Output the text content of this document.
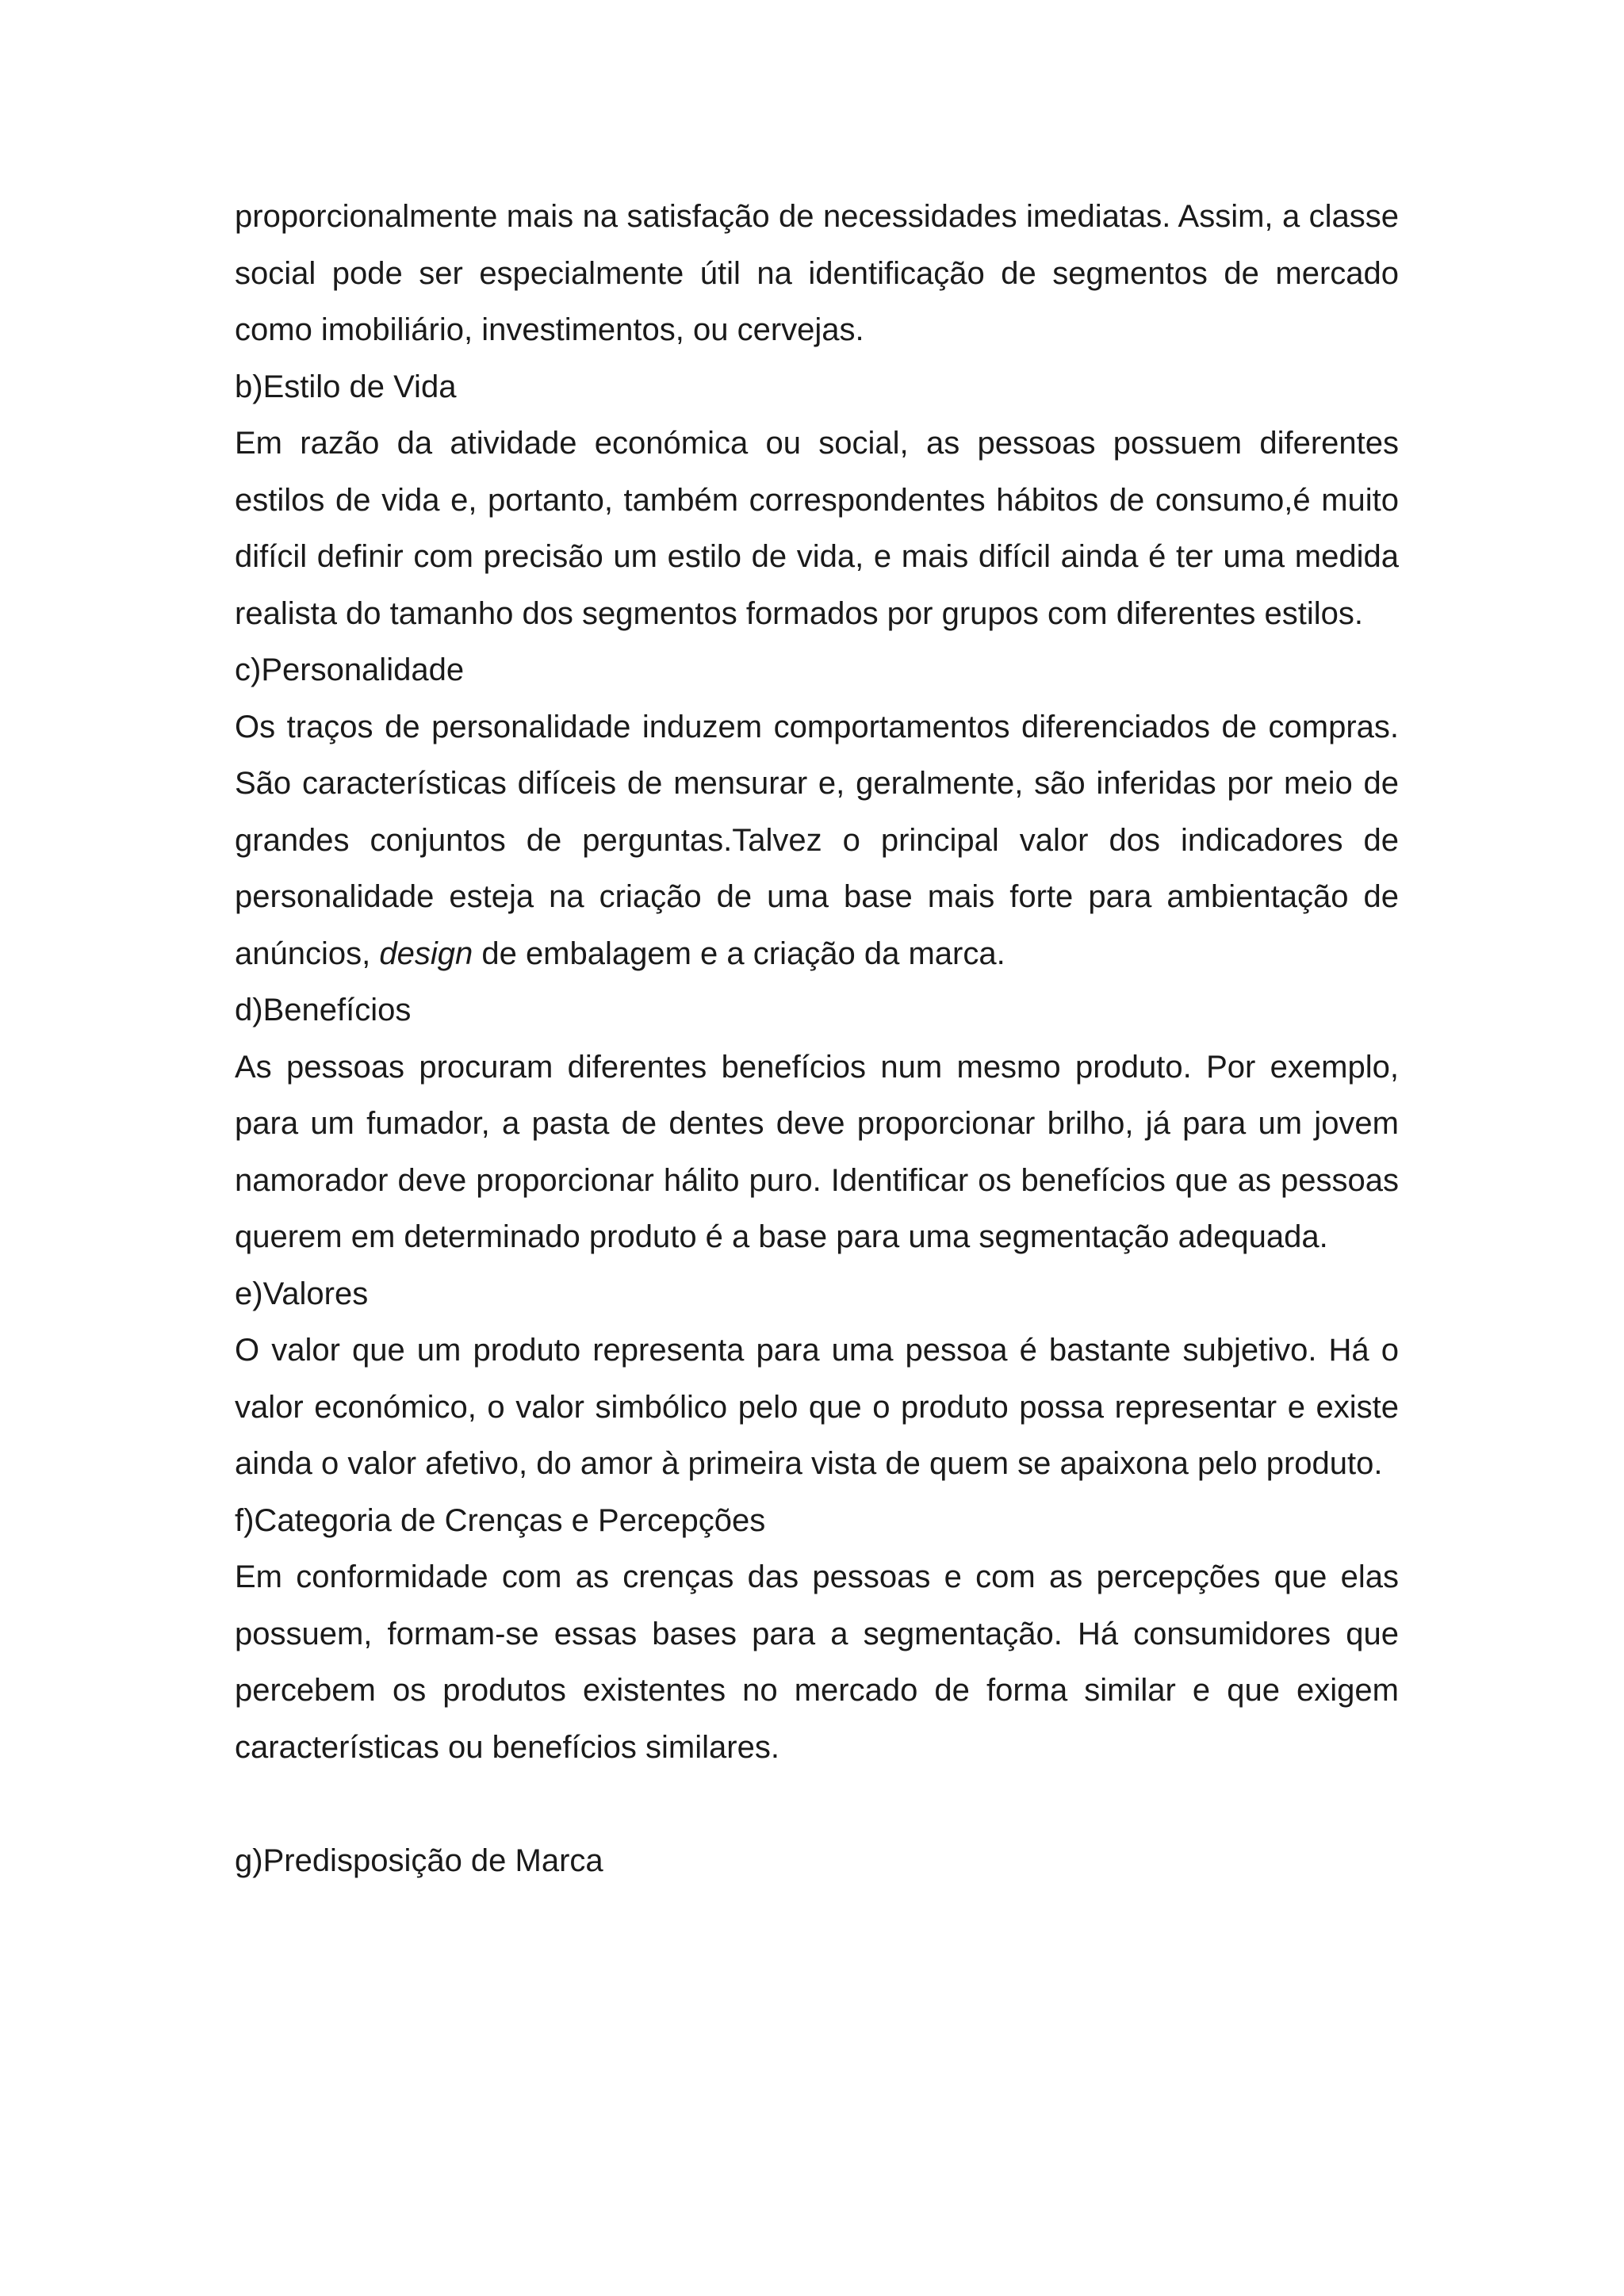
proporcionalmente mais na satisfação de necessidades imediatas. Assim, a classe social pode ser especialmente útil na identificação de segmentos de mercado como imobiliário, investimentos, ou cervejas.

b)Estilo de Vida

Em razão da atividade económica ou social, as pessoas possuem diferentes estilos de vida e, portanto, também correspondentes hábitos de consumo,é muito difícil definir com precisão um estilo de vida, e mais difícil ainda é ter uma medida realista do tamanho dos segmentos formados por grupos com diferentes estilos.

c)Personalidade

Os traços de personalidade induzem comportamentos diferenciados de compras. São características difíceis de mensurar e, geralmente, são inferidas por meio de grandes conjuntos de perguntas.Talvez o principal valor dos indicadores de personalidade esteja na criação de uma base mais forte para ambientação de anúncios, design de embalagem e a criação da marca.

d)Benefícios

As pessoas procuram diferentes benefícios num mesmo produto. Por exemplo, para um fumador, a pasta de dentes deve proporcionar brilho, já para um jovem namorador deve proporcionar hálito puro. Identificar os benefícios que as pessoas querem em determinado produto é a base para uma segmentação adequada.

e)Valores

O valor que um produto representa para uma pessoa é bastante subjetivo. Há o valor económico, o valor simbólico pelo que o produto possa representar e existe ainda o valor afetivo, do amor à primeira vista de quem se apaixona pelo produto.

f)Categoria de Crenças e Percepções

Em conformidade com as crenças das pessoas e com as percepções que elas possuem, formam-se essas bases para a segmentação. Há consumidores que percebem os produtos existentes no mercado de forma similar e que exigem características ou benefícios similares.

g)Predisposição de Marca
